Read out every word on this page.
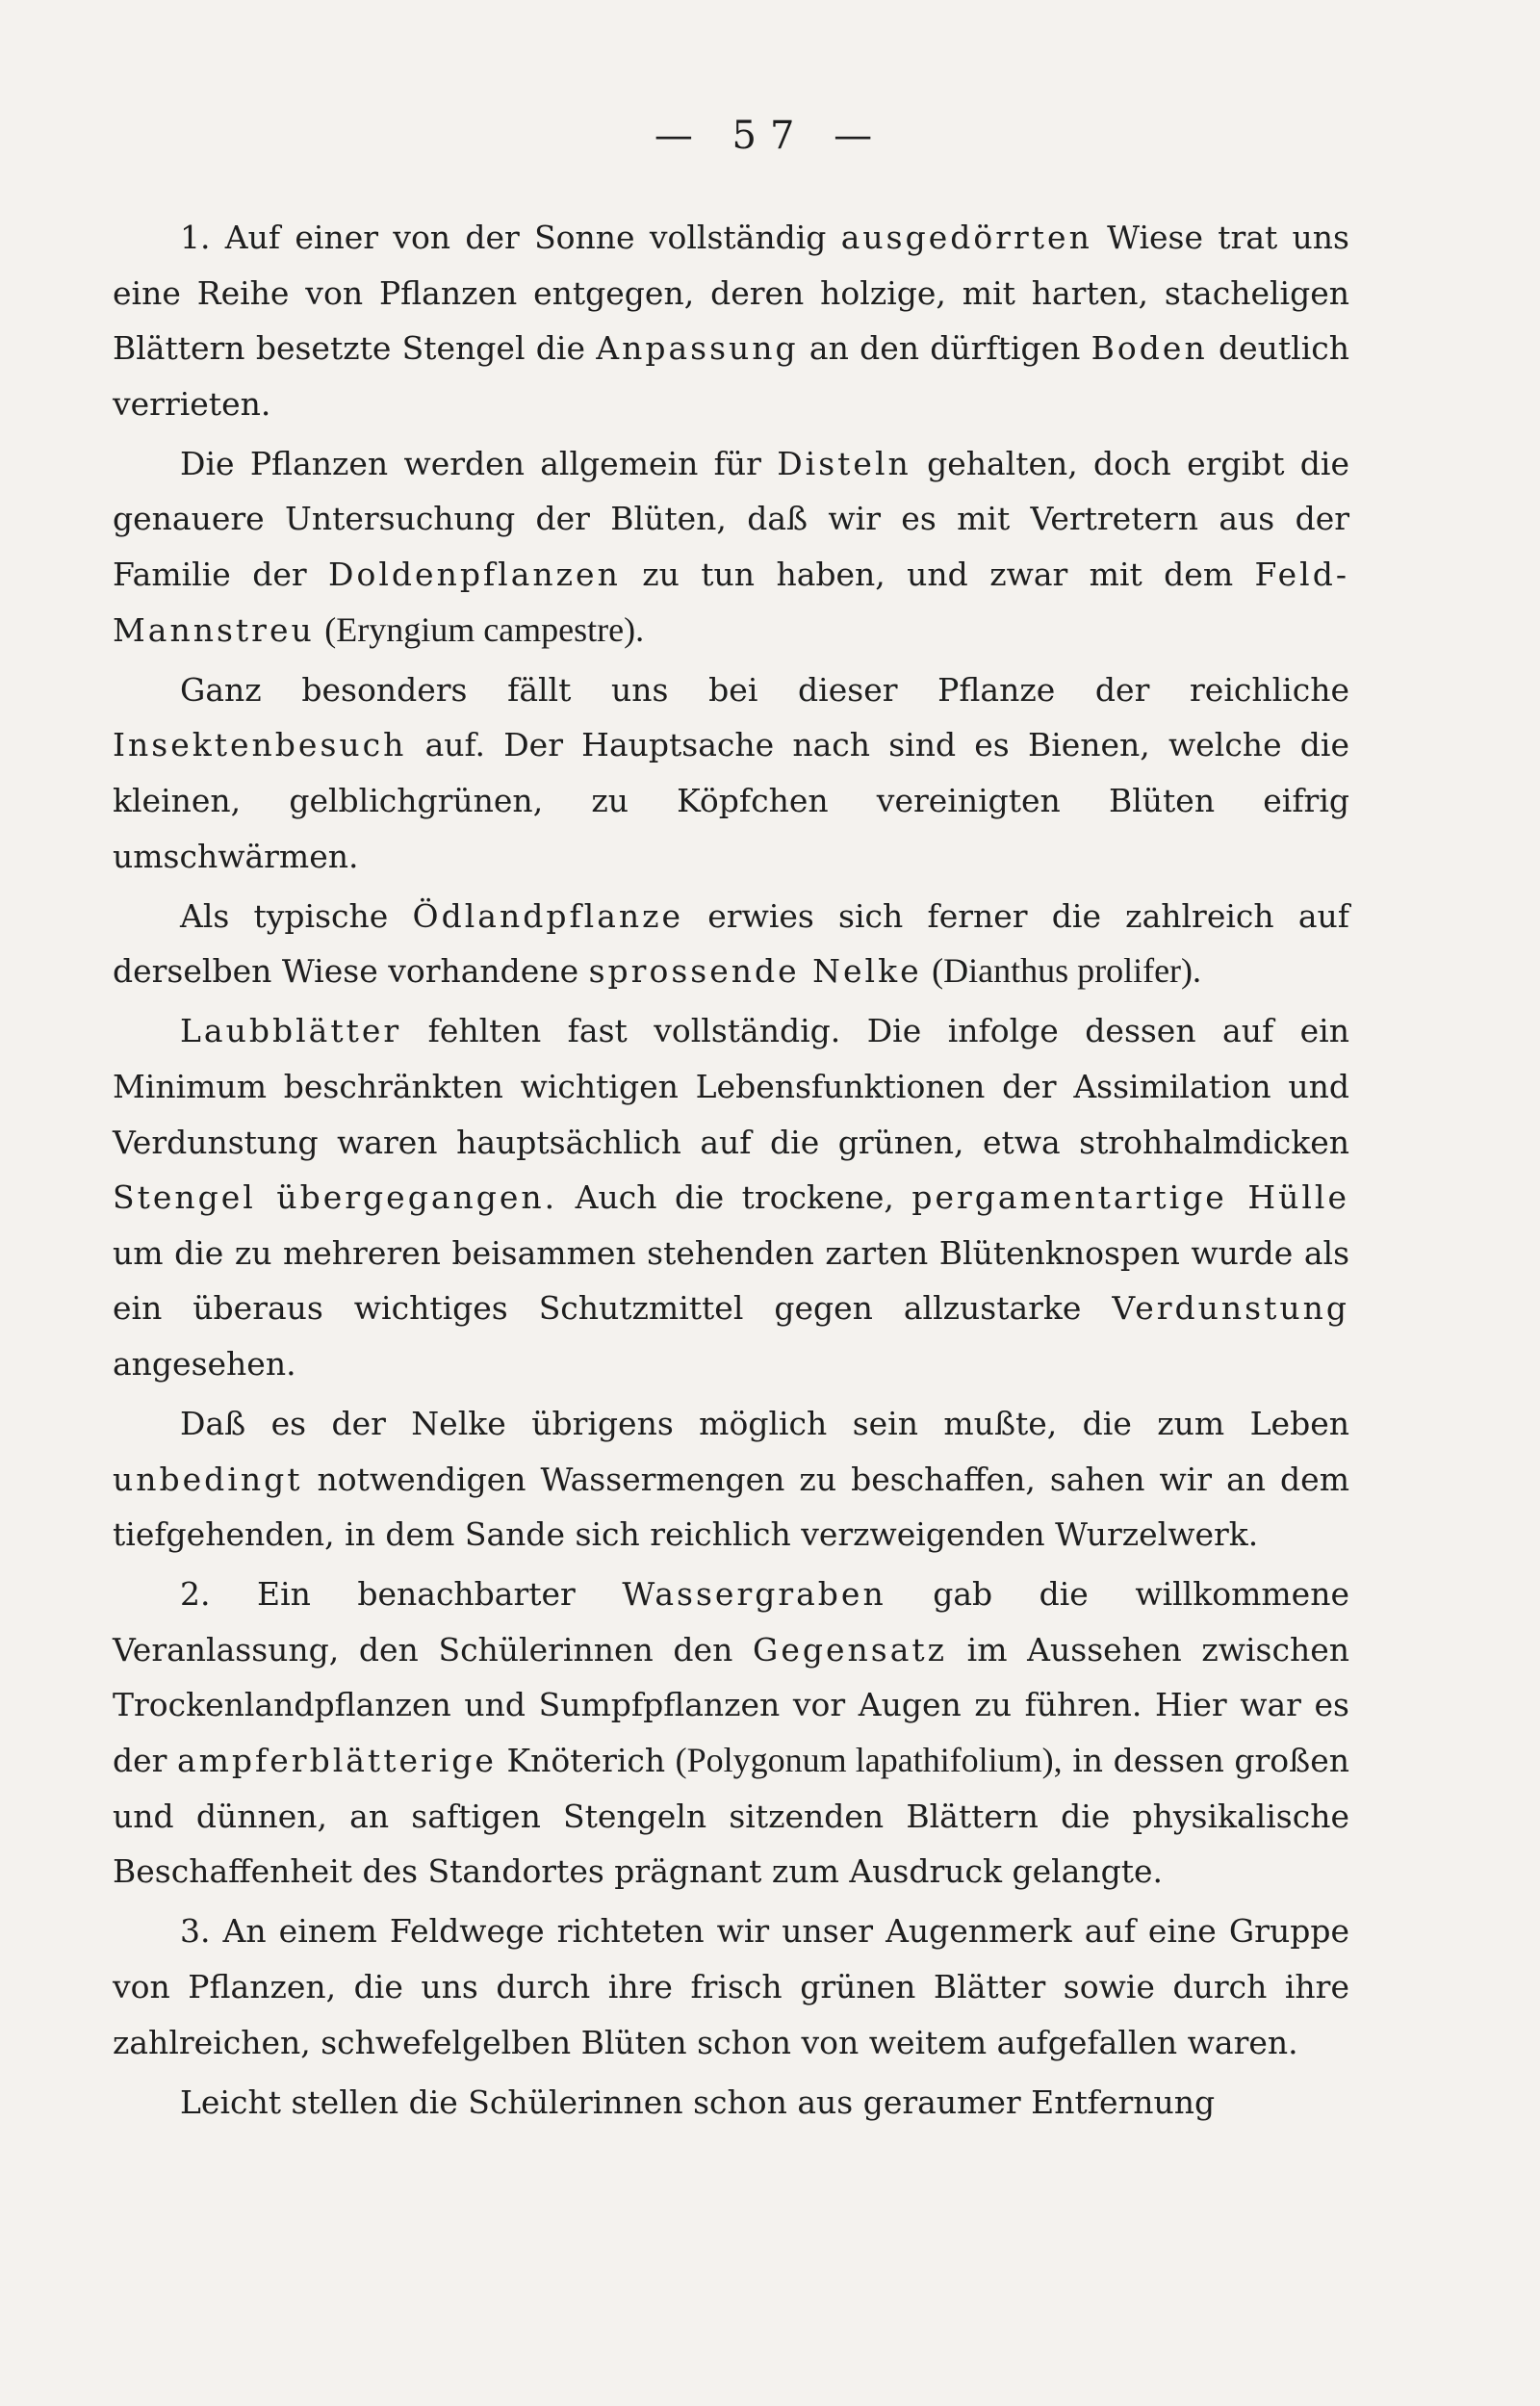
— 57 —

1. Auf einer von der Sonne vollständig ausgedörrten Wiese trat uns eine Reihe von Pflanzen entgegen, deren holzige, mit harten, stacheligen Blättern besetzte Stengel die Anpassung an den dürftigen Boden deutlich verrieten.

Die Pflanzen werden allgemein für Disteln gehalten, doch ergibt die genauere Untersuchung der Blüten, daß wir es mit Vertretern aus der Familie der Doldenpflanzen zu tun haben, und zwar mit dem Feld-Mannstreu (Eryngium campestre).

Ganz besonders fällt uns bei dieser Pflanze der reichliche Insektenbesuch auf. Der Hauptsache nach sind es Bienen, welche die kleinen, gelblichgrünen, zu Köpfchen vereinigten Blüten eifrig umschwärmen.

Als typische Ödlandpflanze erwies sich ferner die zahlreich auf derselben Wiese vorhandene sprossende Nelke (Dianthus prolifer).

Laubblätter fehlten fast vollständig. Die infolge dessen auf ein Minimum beschränkten wichtigen Lebensfunktionen der Assimilation und Verdunstung waren hauptsächlich auf die grünen, etwa strohhalmdicken Stengel übergegangen. Auch die trockene, pergamentartige Hülle um die zu mehreren beisammen stehenden zarten Blütenknospen wurde als ein überaus wichtiges Schutzmittel gegen allzustarke Verdunstung angesehen.

Daß es der Nelke übrigens möglich sein mußte, die zum Leben unbedingt notwendigen Wassermengen zu beschaffen, sahen wir an dem tiefgehenden, in dem Sande sich reichlich verzweigenden Wurzelwerk.

2. Ein benachbarter Wassergraben gab die willkommene Veranlassung, den Schülerinnen den Gegensatz im Aussehen zwischen Trockenlandpflanzen und Sumpfpflanzen vor Augen zu führen. Hier war es der ampferblätterige Knöterich (Polygonum lapathifolium), in dessen großen und dünnen, an saftigen Stengeln sitzenden Blättern die physikalische Beschaffenheit des Standortes prägnant zum Ausdruck gelangte.

3. An einem Feldwege richteten wir unser Augenmerk auf eine Gruppe von Pflanzen, die uns durch ihre frisch grünen Blätter sowie durch ihre zahlreichen, schwefelgelben Blüten schon von weitem aufgefallen waren.

Leicht stellen die Schülerinnen schon aus geraumer Entfernung
